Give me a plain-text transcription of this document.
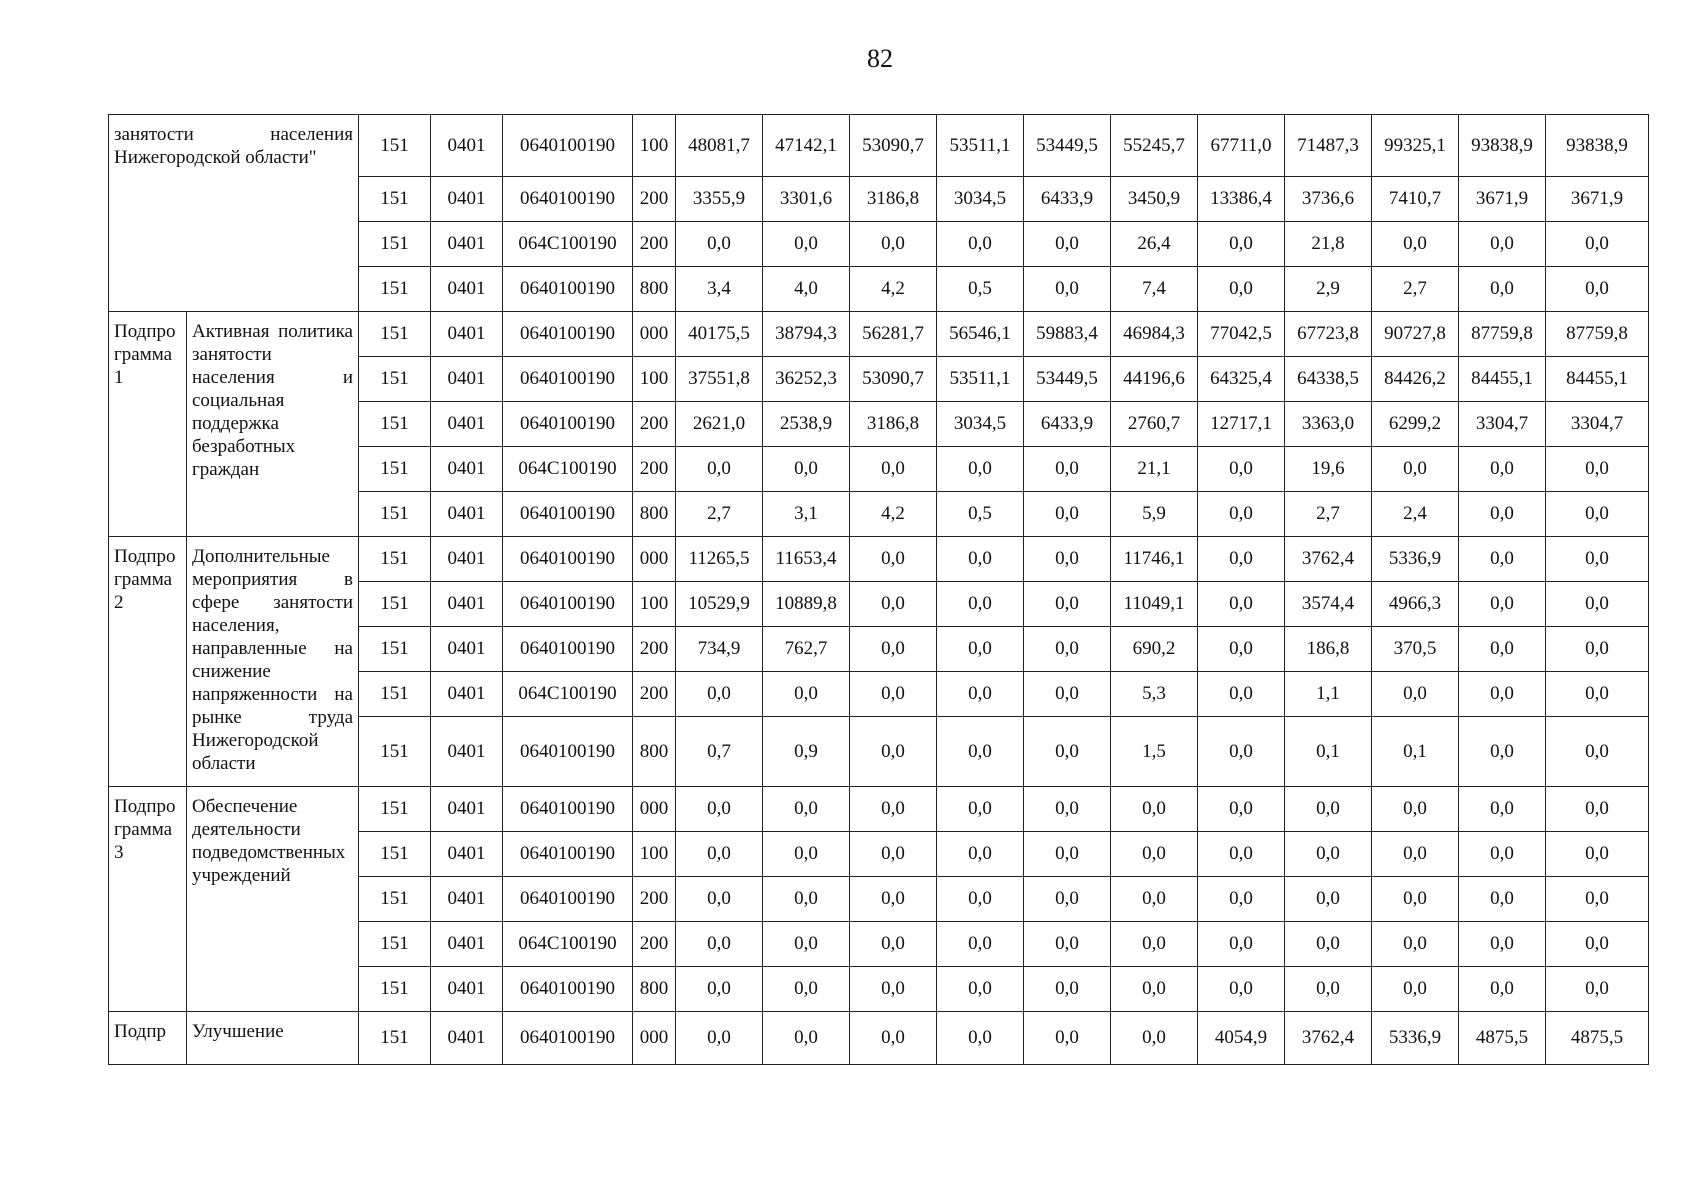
82
занятости населения
Нижегородской области"		151	0401	0640100190	100	48081,7	47142,1	53090,7	53511,1	53449,5	55245,7	67711,0	71487,3	99325,1	93838,9	93838,9
		151	0401	0640100190	200	3355,9	3301,6	3186,8	3034,5	6433,9	3450,9	13386,4	3736,6	7410,7	3671,9	3671,9
		151	0401	064С100190	200	0,0	0,0	0,0	0,0	0,0	26,4	0,0	21,8	0,0	0,0	0,0
		151	0401	0640100190	800	3,4	4,0	4,2	0,5	0,0	7,4	0,0	2,9	2,7	0,0	0,0
Подпрограмма 1	Активная политика занятости населения и социальная поддержка безработных граждан	151	0401	0640100190	000	40175,5	38794,3	56281,7	56546,1	59883,4	46984,3	77042,5	67723,8	90727,8	87759,8	87759,8
		151	0401	0640100190	100	37551,8	36252,3	53090,7	53511,1	53449,5	44196,6	64325,4	64338,5	84426,2	84455,1	84455,1
		151	0401	0640100190	200	2621,0	2538,9	3186,8	3034,5	6433,9	2760,7	12717,1	3363,0	6299,2	3304,7	3304,7
		151	0401	064С100190	200	0,0	0,0	0,0	0,0	0,0	21,1	0,0	19,6	0,0	0,0	0,0
		151	0401	0640100190	800	2,7	3,1	4,2	0,5	0,0	5,9	0,0	2,7	2,4	0,0	0,0
Подпрограмма 2	Дополнительные мероприятия в сфере занятости населения, направленные на снижение напряженности на рынке труда Нижегородской области	151	0401	0640100190	000	11265,5	11653,4	0,0	0,0	0,0	11746,1	0,0	3762,4	5336,9	0,0	0,0
		151	0401	0640100190	100	10529,9	10889,8	0,0	0,0	0,0	11049,1	0,0	3574,4	4966,3	0,0	0,0
		151	0401	0640100190	200	734,9	762,7	0,0	0,0	0,0	690,2	0,0	186,8	370,5	0,0	0,0
		151	0401	064С100190	200	0,0	0,0	0,0	0,0	0,0	5,3	0,0	1,1	0,0	0,0	0,0
		151	0401	0640100190	800	0,7	0,9	0,0	0,0	0,0	1,5	0,0	0,1	0,1	0,0	0,0
Подпрограмма 3	Обеспечение деятельности подведомственных учреждений	151	0401	0640100190	000	0,0	0,0	0,0	0,0	0,0	0,0	0,0	0,0	0,0	0,0	0,0
		151	0401	0640100190	100	0,0	0,0	0,0	0,0	0,0	0,0	0,0	0,0	0,0	0,0	0,0
		151	0401	0640100190	200	0,0	0,0	0,0	0,0	0,0	0,0	0,0	0,0	0,0	0,0	0,0
		151	0401	064С100190	200	0,0	0,0	0,0	0,0	0,0	0,0	0,0	0,0	0,0	0,0	0,0
		151	0401	0640100190	800	0,0	0,0	0,0	0,0	0,0	0,0	0,0	0,0	0,0	0,0	0,0
Подпр	Улучшение	151	0401	0640100190	000	0,0	0,0	0,0	0,0	0,0	0,0	4054,9	3762,4	5336,9	4875,5	4875,5
